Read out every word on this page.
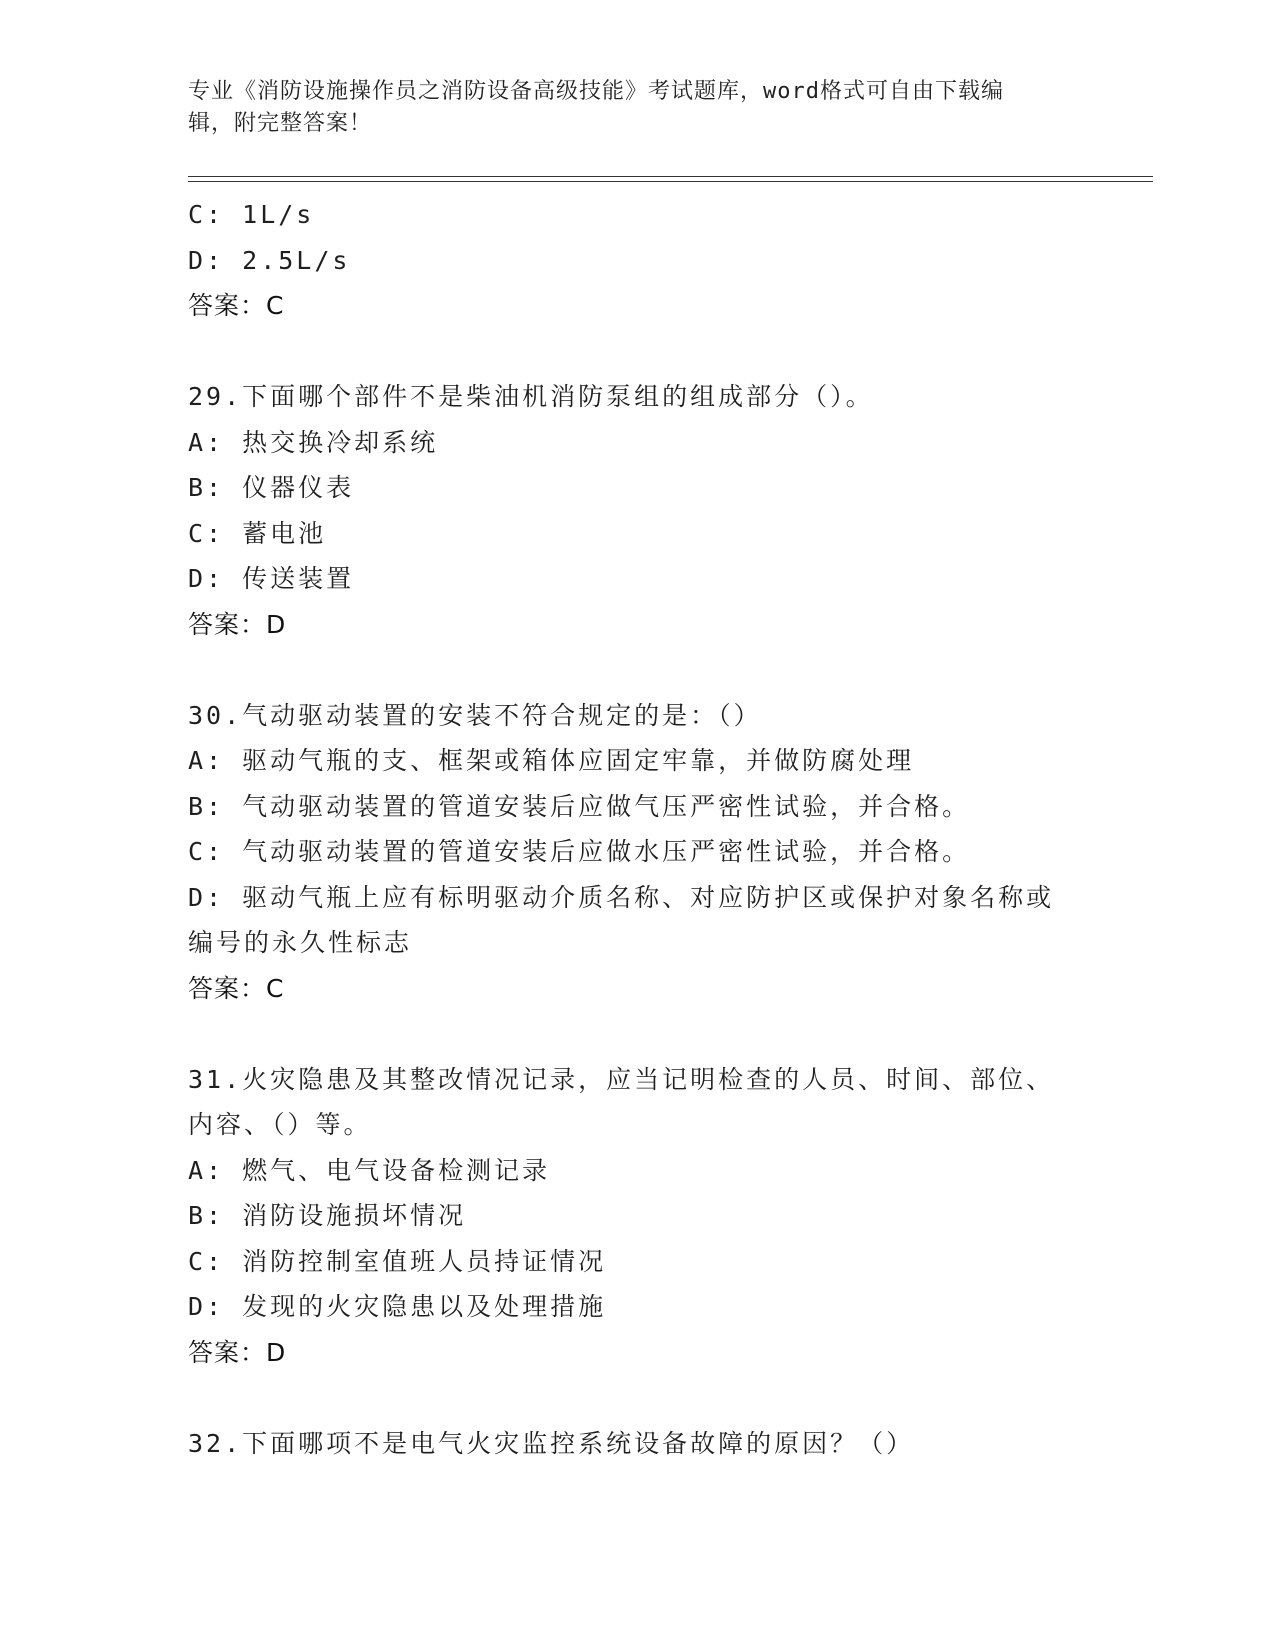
专业《消防设施操作员之消防设备高级技能》考试题库，word格式可自由下载编
辑，附完整答案！
C: 1L/s
D: 2.5L/s
答案：C
29.下面哪个部件不是柴油机消防泵组的组成部分（）。
A: 热交换冷却系统
B: 仪器仪表
C: 蓄电池
D: 传送装置
答案：D
30.气动驱动装置的安装不符合规定的是：（）
A: 驱动气瓶的支、框架或箱体应固定牢靠，并做防腐处理
B: 气动驱动装置的管道安装后应做气压严密性试验，并合格。
C: 气动驱动装置的管道安装后应做水压严密性试验，并合格。
D: 驱动气瓶上应有标明驱动介质名称、对应防护区或保护对象名称或
编号的永久性标志
答案：C
31.火灾隐患及其整改情况记录，应当记明检查的人员、时间、部位、
内容、（）等。
A: 燃气、电气设备检测记录
B: 消防设施损坏情况
C: 消防控制室值班人员持证情况
D: 发现的火灾隐患以及处理措施
答案：D
32.下面哪项不是电气火灾监控系统设备故障的原因？（）
